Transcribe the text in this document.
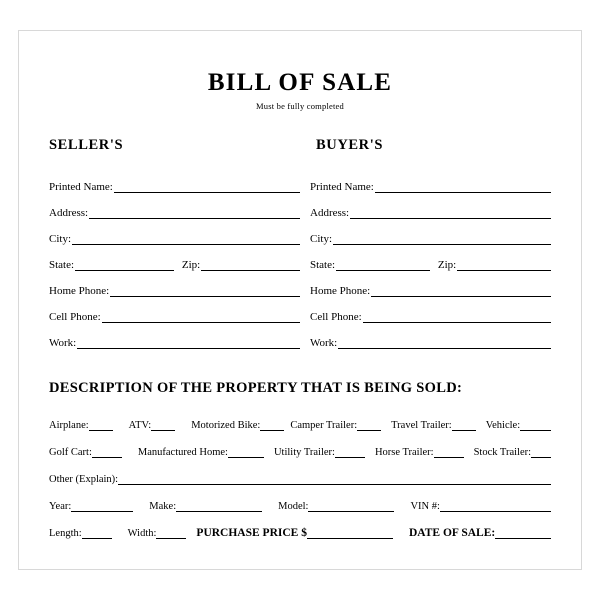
BILL OF SALE
Must be fully completed
SELLER'S
Printed Name:
Address:
City:
State:	Zip:
Home Phone:
Cell Phone:
Work:
BUYER'S
Printed Name:
Address:
City:
State:	Zip:
Home Phone:
Cell Phone:
Work:
DESCRIPTION OF THE PROPERTY THAT IS BEING SOLD:
Airplane:	ATV:	Motorized Bike:	Camper Trailer:	Travel Trailer:	Vehicle:
Golf Cart:	Manufactured Home:	Utility Trailer:	Horse Trailer:	Stock Trailer:
Other (Explain):
Year:	Make:	Model:	VIN #:
Length:	Width:	PURCHASE PRICE $	DATE OF SALE:
